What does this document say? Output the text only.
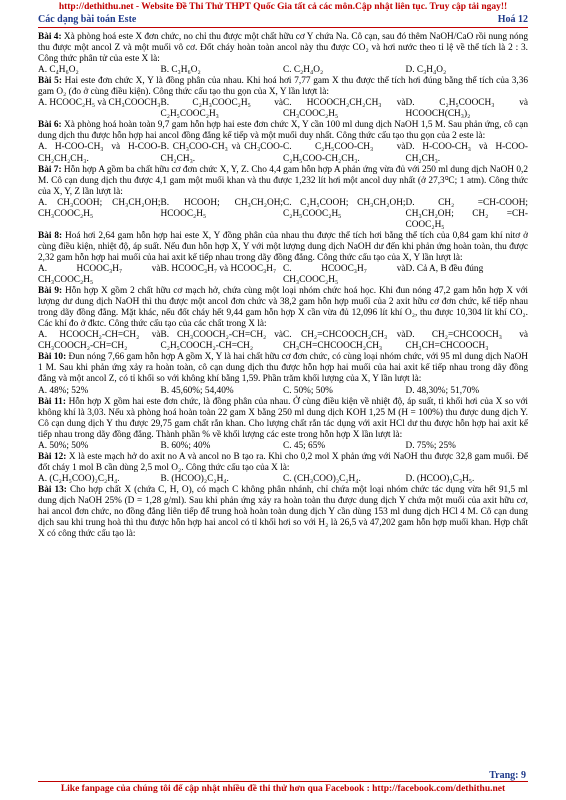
http://dethithu.net - Website Đề Thi Thử THPT Quốc Gia tất cả các môn.Cập nhật liên tục. Truy cập tải ngay!!
Các dạng bài toán Este	Hoá 12

Bài 4: Xà phòng hoá este X đơn chức, no chỉ thu được một chất hữu cơ Y chứa Na. Cô cạn, sau đó thêm NaOH/CaO rồi nung nóng thu được một ancol Z và một muối vô cơ. Đốt cháy hoàn toàn ancol này thu được CO₂ và hơi nước theo tỉ lệ về thể tích là 2 : 3. Công thức phân tử của este X là:

A. C₄H₆O₂	B. C₃H₆O₂	C. C₂H₄O₂	D. C₃H₄O₂

Bài 5: Hai este đơn chức X, Y là đồng phân của nhau. Khi hoá hơi 7,77 gam X thu được thể tích hơi đúng bằng thể tích của 3,36 gam O₂ (đo ở cùng điều kiện). Công thức cấu tạo thu gọn của X, Y lần lượt là:

A. HCOOC₂H₅ và CH₃COOCH₃ B. C₂H₃COOC₂H₅ và C₂H₅COOC₂H₃
C. HCOOCH₂CH₂CH₃ và CH₃COOC₂H₅
D. C₂H₅COOCH₃ và HCOOCH(CH₃)₂

Bài 6: Xà phòng hoá hoàn toàn 9,7 gam hỗn hợp hai este đơn chức X, Y cần 100 ml dung dịch NaOH 1,5 M. Sau phản ứng, cô cạn dung dịch thu được hỗn hợp hai ancol đồng đẳng kế tiếp và một muối duy nhất. Công thức cấu tạo thu gọn của 2 este là:

A. H-COO-CH₃ và H-COO-CH₂CH₂CH₃.
B. CH₃COO-CH₃ và CH₃COO-CH₂CH₃.
C. C₂H₅COO-CH₃ và C₂H₅COO-CH₂CH₃.
D. H-COO-CH₃ và H-COO-CH₂CH₃.

Bài 7: Hỗn hợp A gồm ba chất hữu cơ đơn chức X, Y, Z. Cho 4,4 gam hỗn hợp A phản ứng vừa đủ với 250 ml dung dịch NaOH 0,2 M. Cô cạn dung dịch thu được 4,1 gam một muối khan và thu được 1,232 lít hơi một ancol duy nhất (ở 27,3⁰C; 1 atm). Công thức của X, Y, Z lần lượt là:

A. CH₃COOH; CH₃CH₂OH; CH₃COOC₂H₅
B. HCOOH; CH₃CH₂OH; HCOOC₂H₅
C. C₂H₅COOH; CH₃CH₂OH; C₂H₅COOC₂H₅
D. CH₂ =CH-COOH; CH₃CH₂OH; CH₂ =CH-COOC₂H₅

Bài 8: Hoá hơi 2,64 gam hỗn hợp hai este X, Y đồng phân của nhau thu được thể tích hơi bằng thể tích của 0,84 gam khí nitơ ở cùng điều kiện, nhiệt độ, áp suất. Nếu đun hỗn hợp X, Y với một lượng dung dịch NaOH dư đến khi phản ứng hoàn toàn, thu được 2,32 gam hỗn hợp hai muối của hai axit kế tiếp nhau trong dãy đồng đẳng. Công thức cấu tạo của X, Y lần lượt là:

A. HCOOC₃H₇ và CH₃COOC₂H₅
B. HCOOC₃H₇ và HCOOC₃H₇ C. HCOOC₃H₇ và CH₃COOC₂H₅
D. Cả A, B đều đúng

Bài 9: Hỗn hợp X gồm 2 chất hữu cơ mạch hở, chứa cùng một loại nhóm chức hoá học. Khi đun nóng 47,2 gam hỗn hợp X với lượng dư dung dịch NaOH thì thu được một ancol đơn chức và 38,2 gam hỗn hợp muối của 2 axit hữu cơ đơn chức, kế tiếp nhau trong dãy đồng đẳng. Mặt khác, nếu đốt cháy hết 9,44 gam hỗn hợp X cần vừa đủ 12,096 lít khí O₂, thu được 10,304 lít khí CO₂. Các khí đo ở đktc. Công thức cấu tạo của các chất trong X là:

A. HCOOCH₂-CH=CH₂ và CH₃COOCH₂-CH=CH₂
B. CH₃COOCH₂-CH=CH₂ và C₂H₅COOCH₂-CH=CH₂
C. CH₂=CHCOOCH₂CH₃ và CH₃CH=CHCOOCH₂CH₃
D. CH₂=CHCOOCH₃ và CH₃CH=CHCOOCH₃

Bài 10: Đun nóng 7,66 gam hỗn hợp A gồm X, Y là hai chất hữu cơ đơn chức, có cùng loại nhóm chức, với 95 ml dung dịch NaOH 1 M. Sau khi phản ứng xảy ra hoàn toàn, cô cạn dung dịch thu được hỗn hợp hai muối của hai axit kế tiếp nhau trong dãy đồng đẳng và một ancol Z, có tỉ khối so với không khí bằng 1,59. Phần trăm khối lượng của X, Y lần lượt là:

A. 48%; 52%	B. 45,60%; 54,40%	C. 50%; 50%	D. 48,30%; 51,70%

Bài 11: Hỗn hợp X gồm hai este đơn chức, là đồng phân của nhau. Ở cùng điều kiện về nhiệt độ, áp suất, tỉ khối hơi của X so với không khí là 3,03. Nếu xà phòng hoá hoàn toàn 22 gam X bằng 250 ml dung dịch KOH 1,25 M (H = 100%) thu được dung dịch Y. Cô cạn dung dịch Y thu được 29,75 gam chất rắn khan. Cho lượng chất rắn tác dụng với axit HCl dư thu được hỗn hợp hai axit kế tiếp nhau trong dãy đồng đẳng. Thành phần % về khối lượng các este trong hỗn hợp X lần lượt là:

A. 50%; 50%	B. 60%; 40%	C. 45; 65%	D. 75%; 25%

Bài 12: X là este mạch hở do axit no A và ancol no B tạo ra. Khi cho 0,2 mol X phản ứng với NaOH thu được 32,8 gam muối. Để đốt cháy 1 mol B cần dùng 2,5 mol O₂. Công thức cấu tạo của X là:

A. (C₂H₅COO)₂C₂H₄.	B. (HCOO)₂C₂H₄.	C. (CH₃COO)₂C₂H₄.	D. (HCOO)₃C₃H₅.

Bài 13: Cho hợp chất X (chứa C, H, O), có mạch C không phân nhánh, chỉ chứa một loại nhóm chức tác dụng vừa hết 91,5 ml dung dịch NaOH 25% (D = 1,28 g/ml). Sau khi phản ứng xảy ra hoàn toàn thu được dung dịch Y chứa một muối của axit hữu cơ, hai ancol đơn chức, no đồng đẳng liên tiếp để trung hoà hoàn toàn dung dịch Y cần dùng 153 ml dung dịch HCl 4 M. Cô cạn dung dịch sau khi trung hoà thì thu được hỗn hợp hai ancol có tỉ khối hơi so với H₂ là 26,5 và 47,202 gam hỗn hợp muối khan. Hợp chất X có công thức cấu tạo là:

Trang: 9
Like fanpage của chúng tôi để cập nhật nhiều đề thi thử hơn qua Facebook : http://facebook.com/dethithu.net
